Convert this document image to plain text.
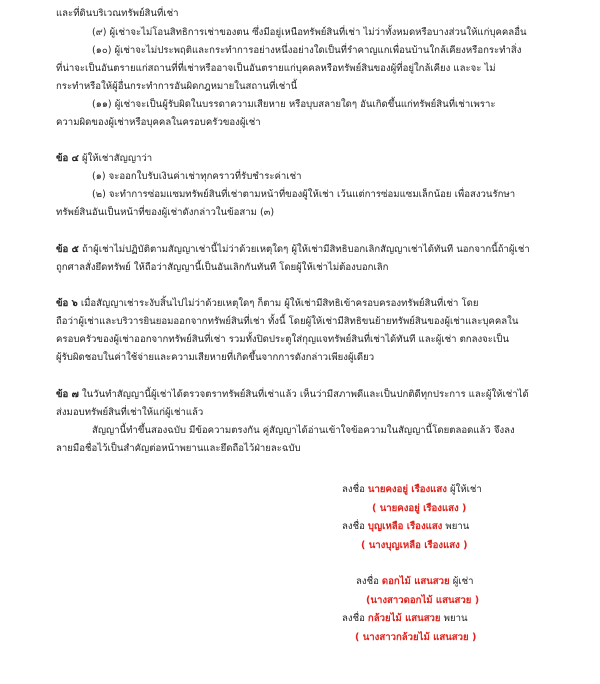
และที่ดินบริเวณทรัพย์สินที่เช่า
(๙) ผู้เช่าจะไม่โอนสิทธิการเช่าของตน ซึ่งมีอยู่เหนือทรัพย์สินที่เช่า ไม่ว่าทั้งหมดหรือบางส่วนให้แก่บุคคลอื่น
(๑๐) ผู้เช่าจะไม่ประพฤติและกระทำการอย่างหนึ่งอย่างใดเป็นที่รำคาญแกเพื่อนบ้านใกล้เคียงหรือกระทำสิ่ง
ที่น่าจะเป็นอันตรายแก่สถานที่ที่เช่าหรืออาจเป็นอันตรายแก่บุคคลหรือทรัพย์สินของผู้ที่อยู่ใกล้เคียง และจะ ไม่
กระทำหรือให้ผู้อื่นกระทำการอันผิดกฎหมายในสถานที่เช่านี้
(๑๑) ผู้เช่าจะเป็นผู้รับผิดในบรรดาความเสียหาย หรือบุบสลายใดๆ อันเกิดขึ้นแก่ทรัพย์สินที่เช่าเพราะ
ความผิดของผู้เช่าหรือบุคคลในครอบครัวของผู้เช่า
ข้อ ๔ ผู้ให้เช่าสัญญาว่า
(๑) จะออกใบรับเงินค่าเช่าทุกคราวที่รับชำระค่าเช่า
(๒) จะทำการซ่อมแซมทรัพย์สินที่เช่าตามหน้าที่ของผู้ให้เช่า เว้นแต่การซ่อมแซมเล็กน้อย เพื่อสงวนรักษา
ทรัพย์สินอันเป็นหน้าที่ของผู้เช่าดังกล่าวในข้อสาม (๓)
ข้อ ๕ ถ้าผู้เช่าไม่ปฏิบัติตามสัญญาเช่านี้ไม่ว่าด้วยเหตุใดๆ ผู้ให้เช่ามีสิทธิบอกเลิกสัญญาเช่าได้ทันที นอกจากนี้ถ้าผู้เช่า
ถูกศาลสั่งยึดทรัพย์ ให้ถือว่าสัญญานี้เป็นอันเลิกกันทันที โดยผู้ให้เช่าไม่ต้องบอกเลิก
ข้อ ๖ เมื่อสัญญาเช่าระงับสิ้นไปไม่ว่าด้วยเหตุใดๆ ก็ตาม ผู้ให้เช่ามีสิทธิเข้าครอบครองทรัพย์สินที่เช่า โดย
ถือว่าผู้เช่าและบริวารยินยอมออกจากทรัพย์สินที่เช่า ทั้งนี้ โดยผู้ให้เช่ามีสิทธิขนย้ายทรัพย์สินของผู้เช่าและบุคคลใน
ครอบครัวของผู้เช่าออกจากทรัพย์สินที่เช่า รวมทั้งปิดประตูใส่กุญแจทรัพย์สินที่เช่าได้ทันที และผู้เช่า ตกลงจะเป็น
ผู้รับผิดชอบในค่าใช้จ่ายและความเสียหายที่เกิดขึ้นจากการดังกล่าวเพียงผู้เดียว
ข้อ ๗ ในวันทำสัญญานี้ผู้เช่าได้ตรวจตราทรัพย์สินที่เช่าแล้ว เห็นว่ามีสภาพดีและเป็นปกติดีทุกประการ และผู้ให้เช่าได้
ส่งมอบทรัพย์สินที่เช่าให้แก่ผู้เช่าแล้ว
สัญญานี้ทำขึ้นสองฉบับ มีข้อความตรงกัน คู่สัญญาได้อ่านเข้าใจข้อความในสัญญานี้โดยตลอดแล้ว จึงลง
ลายมือชื่อไว้เป็นสำคัญต่อหน้าพยานและยึดถือไว้ฝ่ายละฉบับ
ลงชื่อ นายคงอยู่ เรืองแสง ผู้ให้เช่า
( นายคงอยู่ เรืองแสง )
ลงชื่อ บุญเหลือ เรืองแสง พยาน
( นางบุญเหลือ เรืองแสง )
ลงชื่อ ดอกไม้ แสนสวย ผู้เช่า
(นางสาวดอกไม้ แสนสวย )
ลงชื่อ กล้วยไม้ แสนสวย พยาน
( นางสาวกล้วยไม้ แสนสวย )
